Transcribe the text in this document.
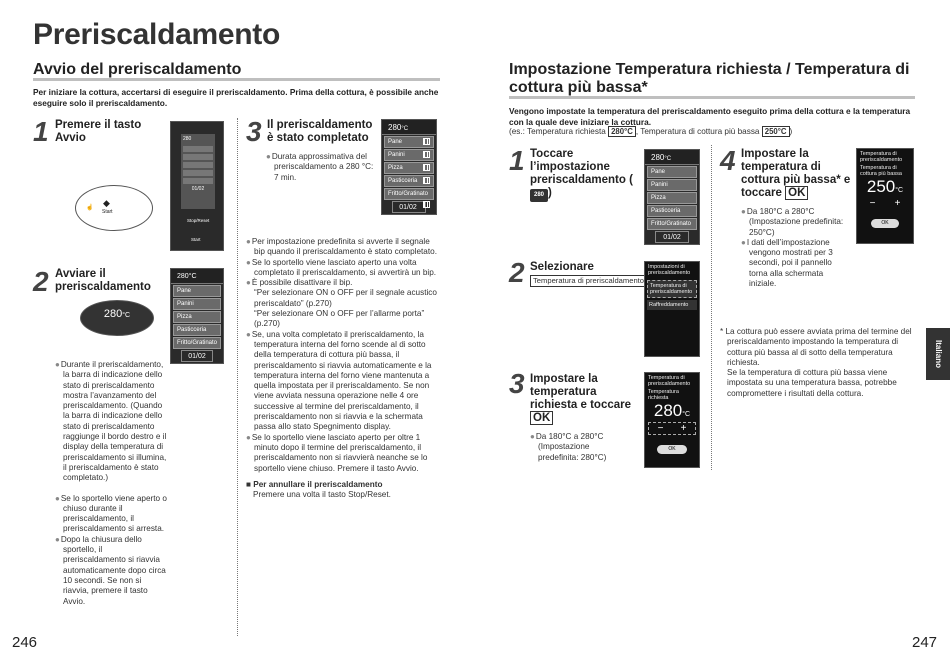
Preriscaldamento
Avvio del preriscaldamento
Per iniziare la cottura, accertarsi di eseguire il preriscaldamento. Prima della cottura, è possibile anche eseguire solo il preriscaldamento.
1 Premere il tasto Avvio
◆
Start
☝
280
01/02
Stop/Reset
Start
2 Avviare il preriscaldamento
280°C
Pane
Panini
Pizza
Pasticceria
Fritto/Gratinato
01/02
280°C
● Durante il preriscaldamento, la barra di indicazione dello stato di preriscaldamento mostra l’avanzamento del preriscaldamento. (Quando la barra di indicazione dello stato di preriscaldamento raggiunge il bordo destro e il display della temperatura di preriscaldamento si illumina, il preriscaldamento è stato completato.)
● Se lo sportello viene aperto o chiuso durante il preriscaldamento, il preriscaldamento si arresta.
● Dopo la chiusura dello sportello, il preriscaldamento si riavvia automaticamente dopo circa 10 secondi. Se non si riavvia, premere il tasto Avvio.
3 Il preriscaldamento è stato completato
● Durata approssimativa del preriscaldamento a 280 °C: 7 min.
280°C
Pane
Panini
Pizza
Pasticceria
Fritto/Gratinato
01/02
● Per impostazione predefinita si avverte il segnale bip quando il preriscaldamento è stato completato.
● Se lo sportello viene lasciato aperto una volta completato il preriscaldamento, si avvertirà un bip.
● È possibile disattivare il bip.
“Per selezionare ON o OFF per il segnale acustico preriscaldato” (p.270)
“Per selezionare ON o OFF per l’allarme porta” (p.270)
● Se, una volta completato il preriscaldamento, la temperatura interna del forno scende al di sotto della temperatura di cottura più bassa, il preriscaldamento si riavvia automaticamente e la temperatura interna del forno viene mantenuta a quella impostata per il preriscaldamento. Se non viene avviata nessuna operazione nelle 4 ore successive al termine del preriscaldamento, il preriscaldamento non si riavvia e la schermata passa allo stato Spegnimento display.
● Se lo sportello viene lasciato aperto per oltre 1 minuto dopo il termine del preriscaldamento, il preriscaldamento non si riavvierà neanche se lo sportello viene chiuso. Premere il tasto Avvio.
■ Per annullare il preriscaldamento
Premere una volta il tasto Stop/Reset.
246
Impostazione Temperatura richiesta / Temperatura di cottura più bassa*
Vengono impostate la temperatura del preriscaldamento eseguito prima della cottura e la temperatura con la quale deve iniziare la cottura.
(es.: Temperatura richiesta 280°C , Temperatura di cottura più bassa 250°C )
1 Toccare l’impostazione preriscaldamento (280 )
280°C
Pane
Panini
Pizza
Pasticceria
Fritto/Gratinato
01/02
2 Selezionare
Temperatura di preriscaldamento
Impostazioni di preriscaldamento
Temperatura di preriscaldamento
Raffreddamento
3 Impostare la temperatura richiesta e toccare OK
● Da 180°C a 280°C (Impostazione predefinita: 280°C)
Temperatura di preriscaldamento
Temperatura richiesta
280°C
− +
OK
4 Impostare la temperatura di cottura più bassa* e toccare OK
● Da 180°C a 280°C (Impostazione predefinita: 250°C)
● I dati dell’impostazione vengono mostrati per 3 secondi, poi il pannello torna alla schermata iniziale.
Temperatura di preriscaldamento
Temperatura di cottura più bassa
250°C
− +
OK
* La cottura può essere avviata prima del termine del preriscaldamento impostando la temperatura di cottura più bassa al di sotto della temperatura richiesta.
Se la temperatura di cottura più bassa viene impostata su una temperatura bassa, potrebbe compromettere i risultati della cottura.
Italiano
247
